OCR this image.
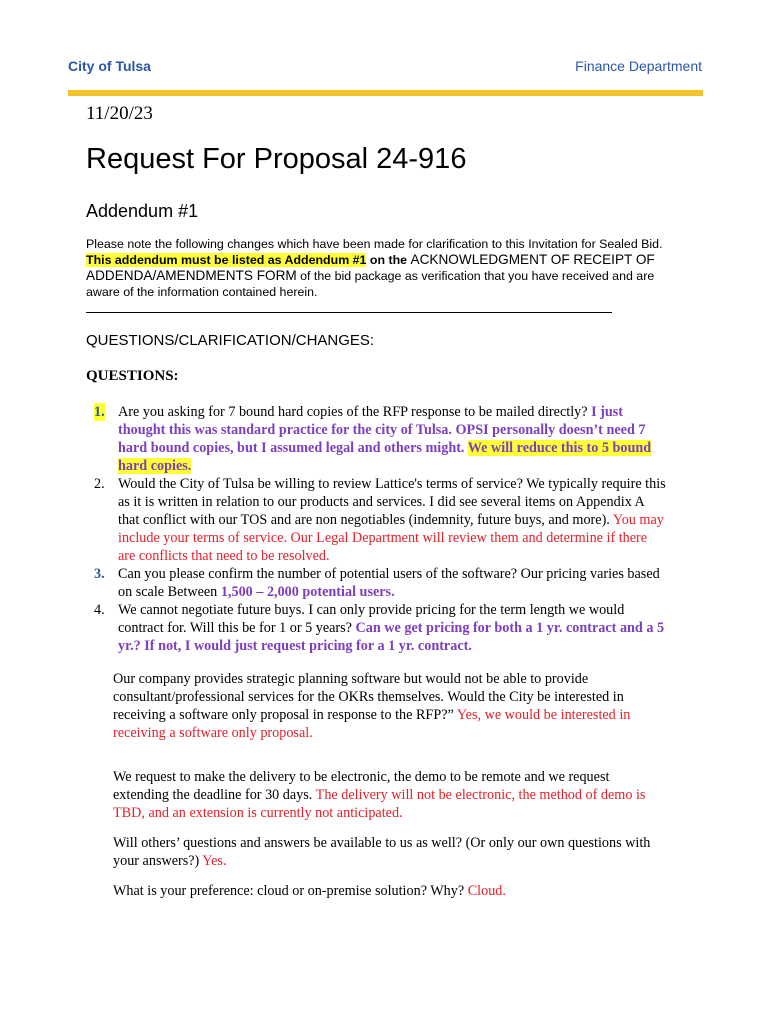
City of Tulsa	Finance Department
11/20/23
Request For Proposal 24-916
Addendum #1
Please note the following changes which have been made for clarification to this Invitation for Sealed Bid. This addendum must be listed as Addendum #1 on the ACKNOWLEDGMENT OF RECEIPT OF ADDENDA/AMENDMENTS FORM of the bid package as verification that you have received and are aware of the information contained herein.
QUESTIONS/CLARIFICATION/CHANGES:
QUESTIONS:

1. Are you asking for 7 bound hard copies of the RFP response to be mailed directly? I just thought this was standard practice for the city of Tulsa. OPSI personally doesn’t need 7 hard bound copies, but I assumed legal and others might. We will reduce this to 5 bound hard copies.

2. Would the City of Tulsa be willing to review Lattice's terms of service? We typically require this as it is written in relation to our products and services. I did see several items on Appendix A that conflict with our TOS and are non negotiables (indemnity, future buys, and more). You may include your terms of service. Our Legal Department will review them and determine if there are conflicts that need to be resolved.

3. Can you please confirm the number of potential users of the software? Our pricing varies based on scale Between 1,500 – 2,000 potential users.

4. We cannot negotiate future buys. I can only provide pricing for the term length we would contract for. Will this be for 1 or 5 years? Can we get pricing for both a 1 yr. contract and a 5 yr.? If not, I would just request pricing for a 1 yr. contract.

Our company provides strategic planning software but would not be able to provide consultant/professional services for the OKRs themselves. Would the City be interested in receiving a software only proposal in response to the RFP?” Yes, we would be interested in receiving a software only proposal.

We request to make the delivery to be electronic, the demo to be remote and we request extending the deadline for 30 days. The delivery will not be electronic, the method of demo is TBD, and an extension is currently not anticipated.

Will others’ questions and answers be available to us as well? (Or only our own questions with your answers?) Yes.

What is your preference: cloud or on-premise solution? Why? Cloud.
